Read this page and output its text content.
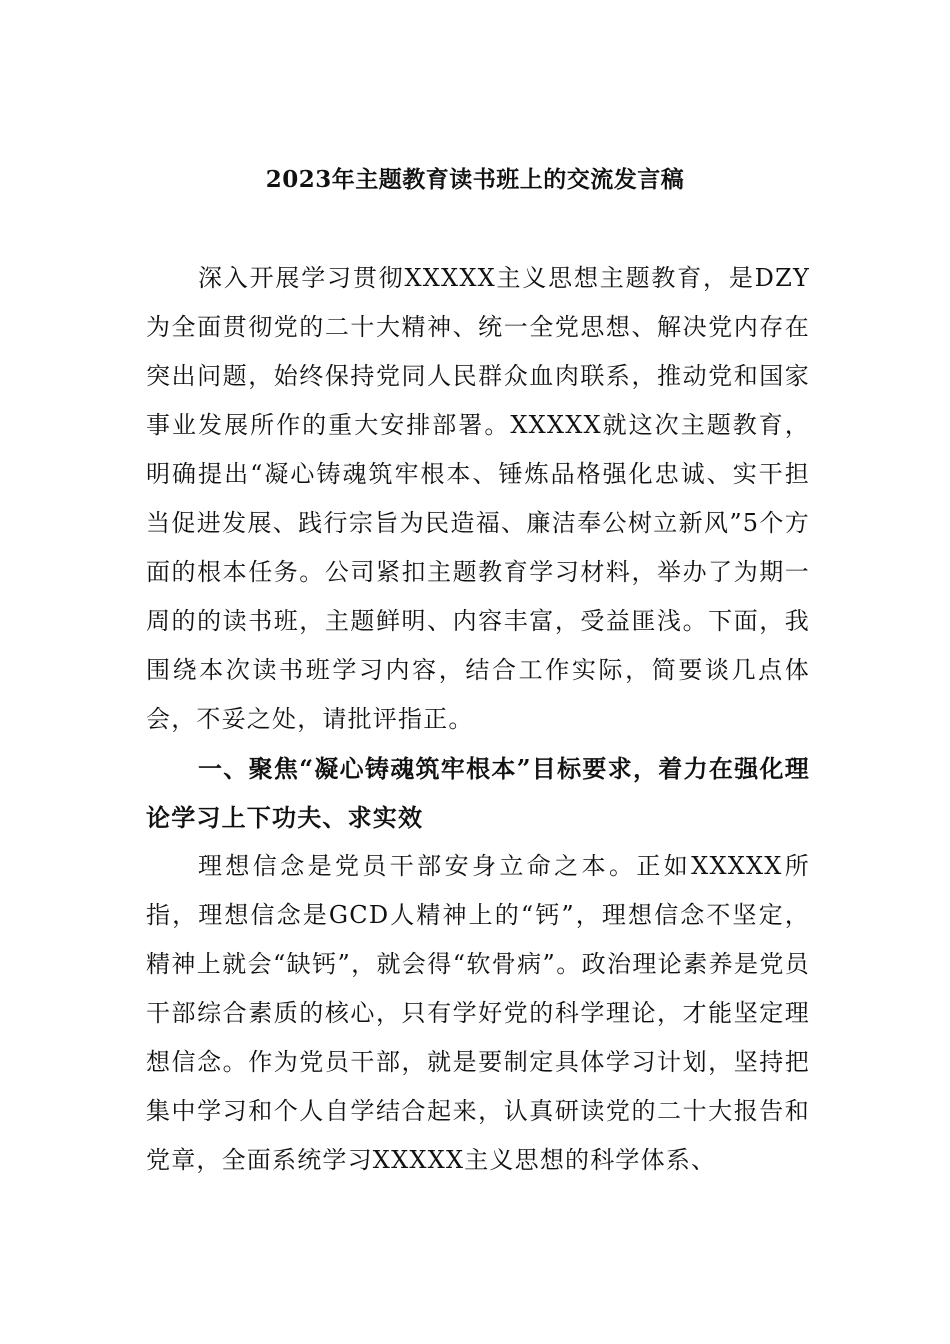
2023年主题教育读书班上的交流发言稿

深入开展学习贯彻XXXXX主义思想主题教育，是DZY为全面贯彻党的二十大精神、统一全党思想、解决党内存在突出问题，始终保持党同人民群众血肉联系，推动党和国家事业发展所作的重大安排部署。XXXXX就这次主题教育，明确提出“凝心铸魂筑牢根本、锤炼品格强化忠诚、实干担当促进发展、践行宗旨为民造福、廉洁奉公树立新风”5个方面的根本任务。公司紧扣主题教育学习材料，举办了为期一周的的读书班，主题鲜明、内容丰富，受益匪浅。下面，我围绕本次读书班学习内容，结合工作实际，简要谈几点体会，不妥之处，请批评指正。

一、聚焦“凝心铸魂筑牢根本”目标要求，着力在强化理论学习上下功夫、求实效

理想信念是党员干部安身立命之本。正如XXXXX所指，理想信念是GCD人精神上的“钙”，理想信念不坚定，精神上就会“缺钙”，就会得“软骨病”。政治理论素养是党员干部综合素质的核心，只有学好党的科学理论，才能坚定理想信念。作为党员干部，就是要制定具体学习计划，坚持把集中学习和个人自学结合起来，认真研读党的二十大报告和党章，全面系统学习XXXXX主义思想的科学体系、
